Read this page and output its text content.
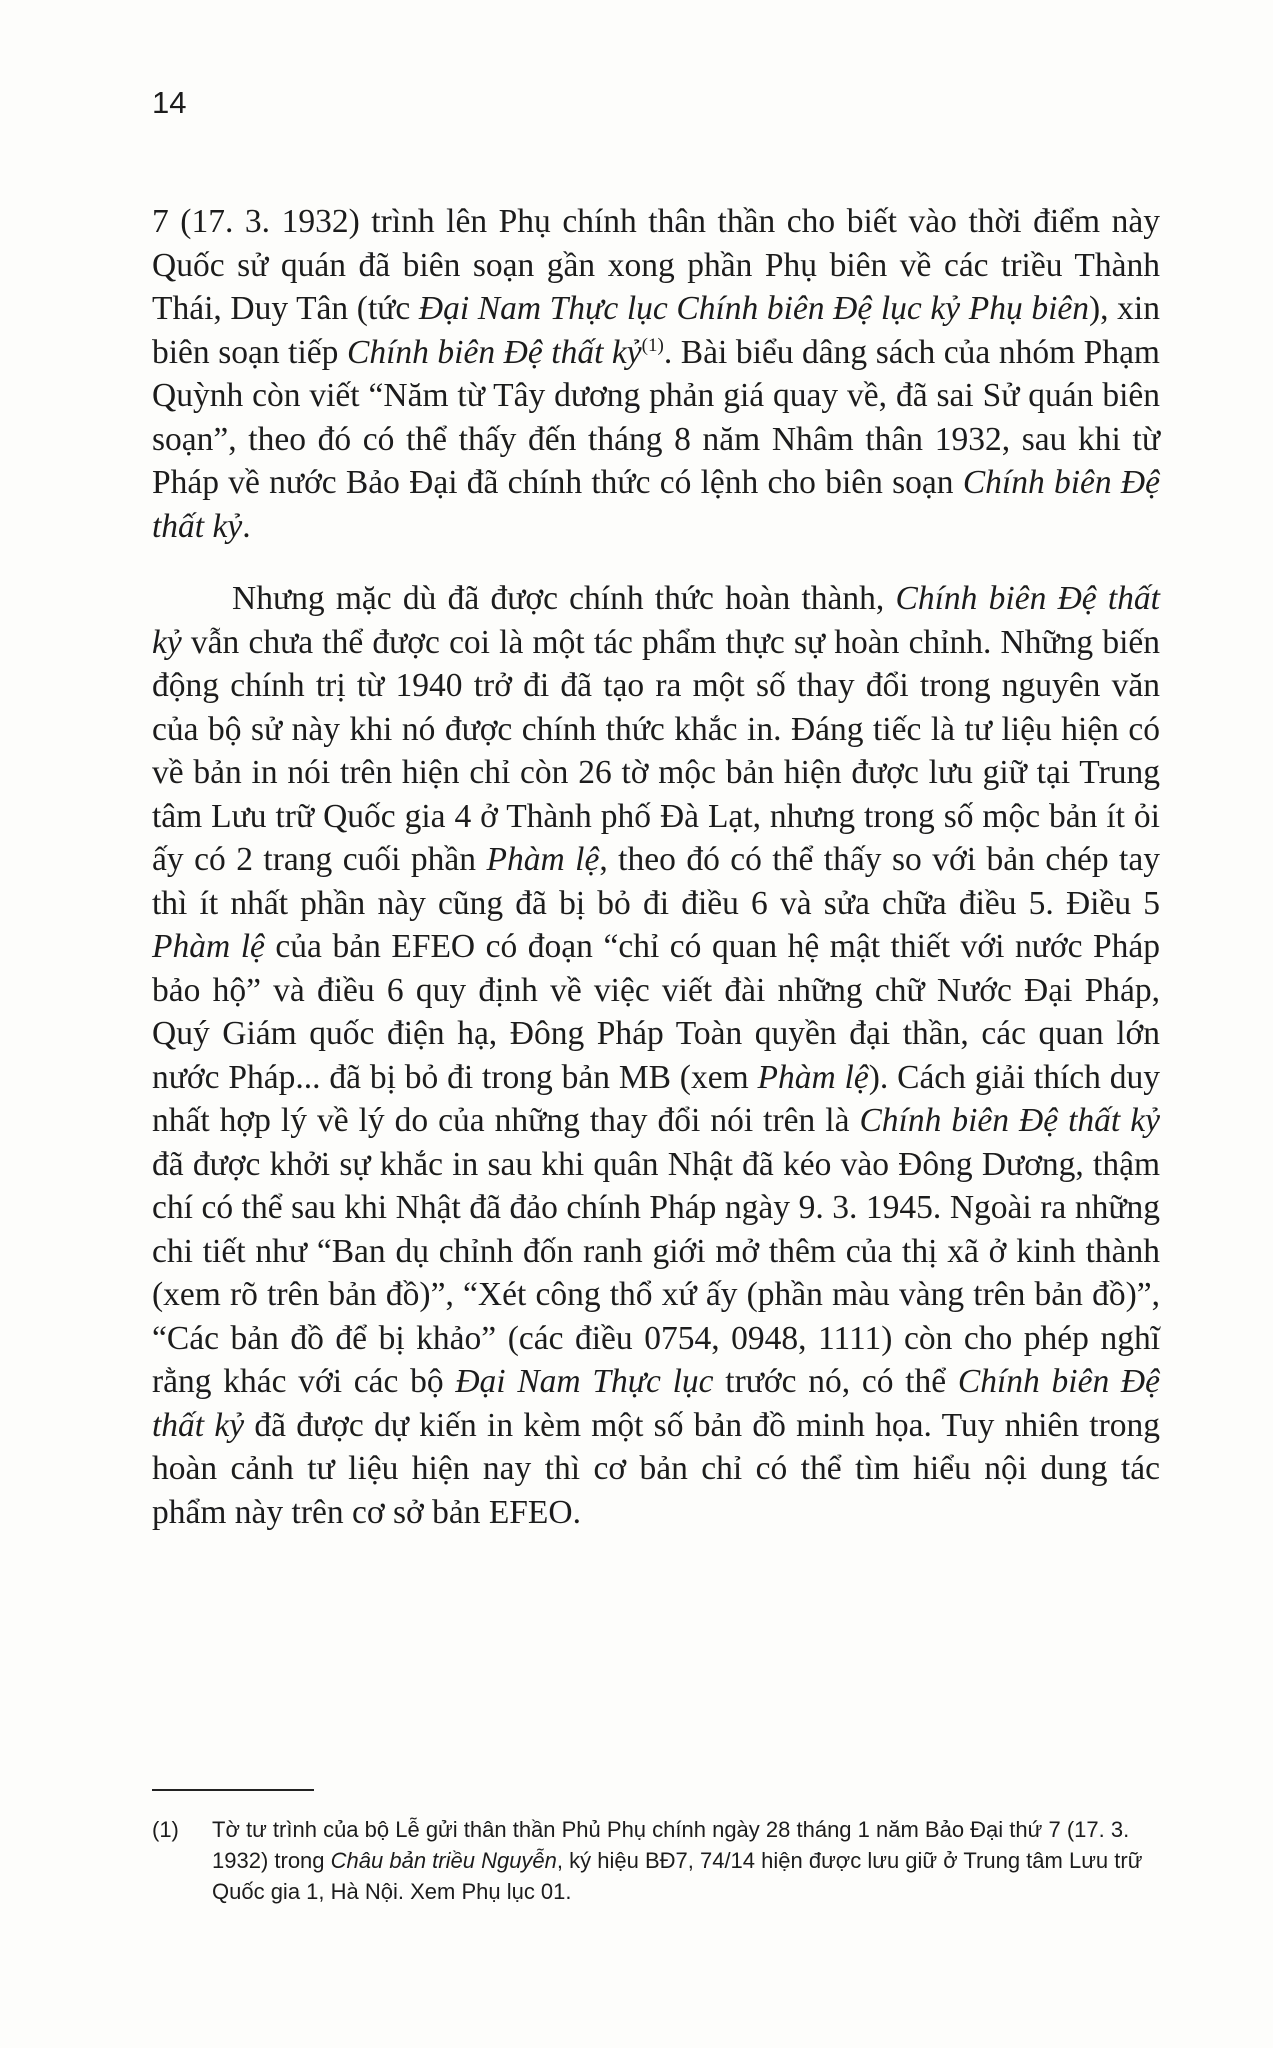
14

7 (17. 3. 1932) trình lên Phụ chính thân thần cho biết vào thời điểm này Quốc sử quán đã biên soạn gần xong phần Phụ biên về các triều Thành Thái, Duy Tân (tức Đại Nam Thực lục Chính biên Đệ lục kỷ Phụ biên), xin biên soạn tiếp Chính biên Đệ thất kỷ$^{(1)}$. Bài biểu dâng sách của nhóm Phạm Quỳnh còn viết “Năm từ Tây dương phản giá quay về, đã sai Sử quán biên soạn”, theo đó có thể thấy đến tháng 8 năm Nhâm thân 1932, sau khi từ Pháp về nước Bảo Đại đã chính thức có lệnh cho biên soạn Chính biên Đệ thất kỷ.

Nhưng mặc dù đã được chính thức hoàn thành, Chính biên Đệ thất kỷ vẫn chưa thể được coi là một tác phẩm thực sự hoàn chỉnh. Những biến động chính trị từ 1940 trở đi đã tạo ra một số thay đổi trong nguyên văn của bộ sử này khi nó được chính thức khắc in. Đáng tiếc là tư liệu hiện có về bản in nói trên hiện chỉ còn 26 tờ mộc bản hiện được lưu giữ tại Trung tâm Lưu trữ Quốc gia 4 ở Thành phố Đà Lạt, nhưng trong số mộc bản ít ỏi ấy có 2 trang cuối phần Phàm lệ, theo đó có thể thấy so với bản chép tay thì ít nhất phần này cũng đã bị bỏ đi điều 6 và sửa chữa điều 5. Điều 5 Phàm lệ của bản EFEO có đoạn “chỉ có quan hệ mật thiết với nước Pháp bảo hộ” và điều 6 quy định về việc viết đài những chữ Nước Đại Pháp, Quý Giám quốc điện hạ, Đông Pháp Toàn quyền đại thần, các quan lớn nước Pháp... đã bị bỏ đi trong bản MB (xem Phàm lệ). Cách giải thích duy nhất hợp lý về lý do của những thay đổi nói trên là Chính biên Đệ thất kỷ đã được khởi sự khắc in sau khi quân Nhật đã kéo vào Đông Dương, thậm chí có thể sau khi Nhật đã đảo chính Pháp ngày 9. 3. 1945. Ngoài ra những chi tiết như “Ban dụ chỉnh đốn ranh giới mở thêm của thị xã ở kinh thành (xem rõ trên bản đồ)”, “Xét công thổ xứ ấy (phần màu vàng trên bản đồ)”, “Các bản đồ để bị khảo” (các điều 0754, 0948, 1111) còn cho phép nghĩ rằng khác với các bộ Đại Nam Thực lục trước nó, có thể Chính biên Đệ thất kỷ đã được dự kiến in kèm một số bản đồ minh họa. Tuy nhiên trong hoàn cảnh tư liệu hiện nay thì cơ bản chỉ có thể tìm hiểu nội dung tác phẩm này trên cơ sở bản EFEO.

(1)	Tờ tư trình của bộ Lễ gửi thân thần Phủ Phụ chính ngày 28 tháng 1 năm Bảo Đại thứ 7 (17. 3. 1932) trong Châu bản triều Nguyễn, ký hiệu BĐ7, 74/14 hiện được lưu giữ ở Trung tâm Lưu trữ Quốc gia 1, Hà Nội. Xem Phụ lục 01.
